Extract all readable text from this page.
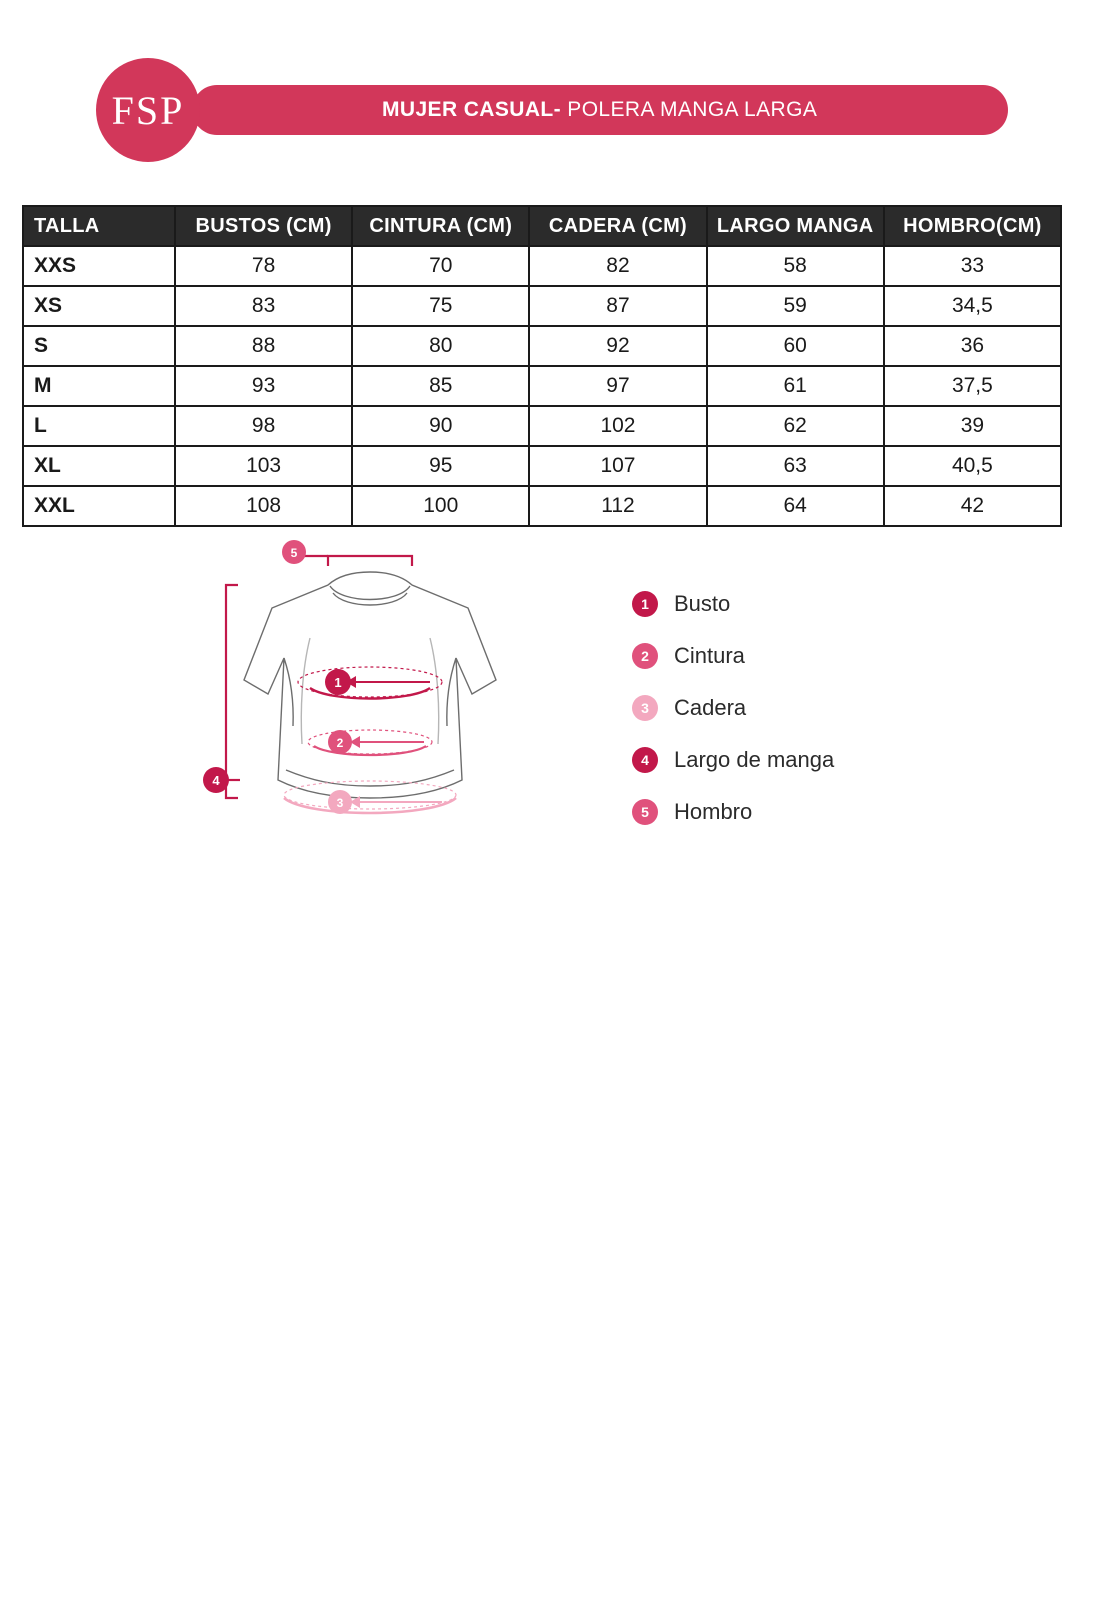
MUJER CASUAL- POLERA MANGA LARGA
FSP
TALLA	BUSTOS (CM)	CINTURA (CM)	CADERA (CM)	LARGO MANGA	HOMBRO(CM)
XXS	78	70	82	58	33
XS	83	75	87	59	34,5
S	88	80	92	60	36
M	93	85	97	61	37,5
L	98	90	102	62	39
XL	103	95	107	63	40,5
XXL	108	100	112	64	42
1
2
3
4
5
1	Busto
2	Cintura
3	Cadera
4	Largo de manga
5	Hombro
